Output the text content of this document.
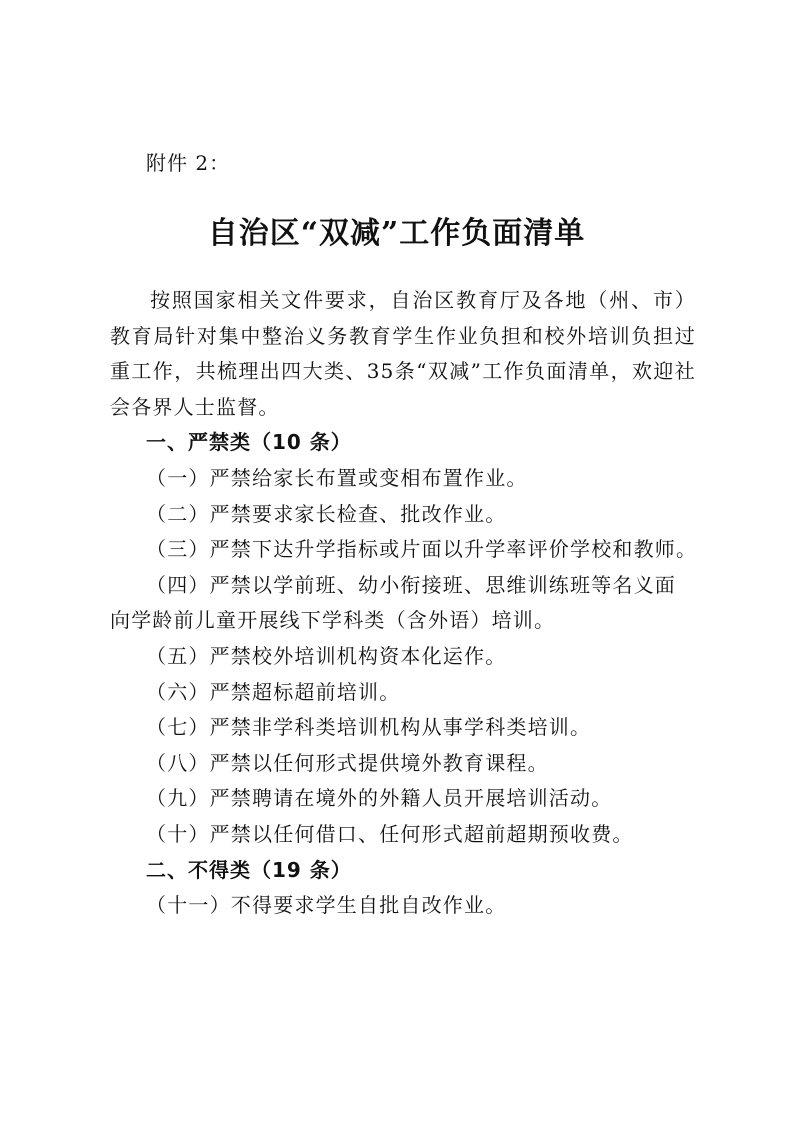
附件 2：
自治区“双减”工作负面清单

按照国家相关文件要求，自治区教育厅及各地（州、市）教育局针对集中整治义务教育学生作业负担和校外培训负担过重工作，共梳理出四大类、35条“双减”工作负面清单，欢迎社会各界人士监督。

一、严禁类（10 条）

（一）严禁给家长布置或变相布置作业。

（二）严禁要求家长检查、批改作业。

（三）严禁下达升学指标或片面以升学率评价学校和教师。

（四）严禁以学前班、幼小衔接班、思维训练班等名义面向学龄前儿童开展线下学科类（含外语）培训。

（五）严禁校外培训机构资本化运作。

（六）严禁超标超前培训。

（七）严禁非学科类培训机构从事学科类培训。

（八）严禁以任何形式提供境外教育课程。

（九）严禁聘请在境外的外籍人员开展培训活动。

（十）严禁以任何借口、任何形式超前超期预收费。

二、不得类（19 条）

（十一）不得要求学生自批自改作业。
